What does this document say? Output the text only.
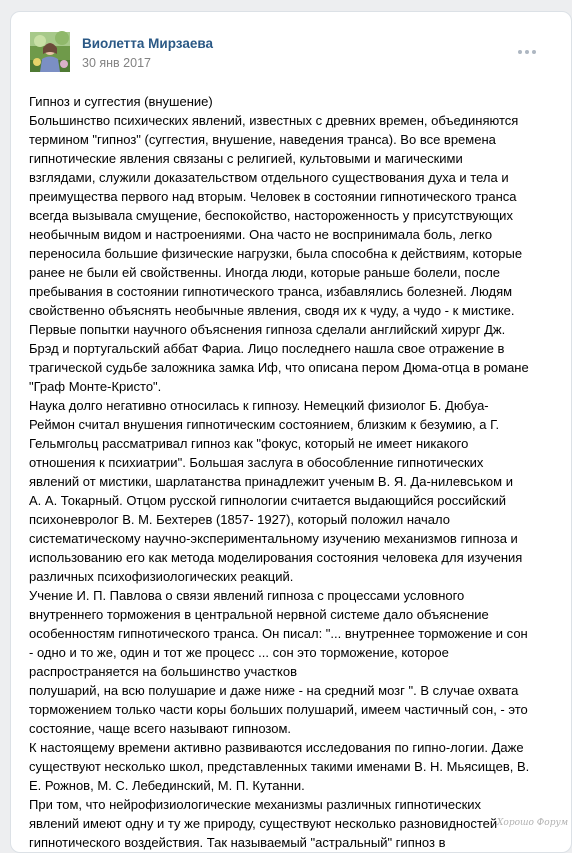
Виолетта Мирзаева
30 янв 2017
Гипноз и суггестия (внушение)
Большинство психических явлений, известных с древних времен, объединяются
термином "гипноз" (суггестия, внушение, наведения транса). Во все времена
гипнотические явления связаны с религией, культовыми и магическими
взглядами, служили доказательством отдельного существования духа и тела и
преимущества первого над вторым. Человек в состоянии гипнотического транса
всегда вызывала смущение, беспокойство, настороженность у присутствующих
необычным видом и настроениями. Она часто не воспринимала боль, легко
переносила большие физические нагрузки, была способна к действиям, которые
ранее не были ей свойственны. Иногда люди, которые раньше болели, после
пребывания в состоянии гипнотического транса, избавлялись болезней. Людям
свойственно объяснять необычные явления, сводя их к чуду, а чудо - к мистике.
Первые попытки научного объяснения гипноза сделали английский хирург Дж.
Брэд и португальский аббат Фариа. Лицо последнего нашла свое отражение в
трагической судьбе заложника замка Иф, что описана пером Дюма-отца в романе
"Граф Монте-Кристо".
Наука долго негативно относилась к гипнозу. Немецкий физиолог Б. Дюбуа-
Реймон считал внушения гипнотическим состоянием, близким к безумию, а Г.
Гельмгольц рассматривал гипноз как "фокус, который не имеет никакого
отношения к психиатрии". Большая заслуга в обособленние гипнотических
явлений от мистики, шарлатанства принадлежит ученым В. Я. Да-нилевськом и
А. А. Токарный. Отцом русской гипнологии считается выдающийся российский
психоневролог В. М. Бехтерев (1857- 1927), который положил начало
систематическому научно-экспериментальному изучению механизмов гипноза и
использованию его как метода моделирования состояния человека для изучения
различных психофизиологических реакций.
Учение И. П. Павлова о связи явлений гипноза с процессами условного
внутреннего торможения в центральной нервной системе дало объяснение
особенностям гипнотического транса. Он писал: "... внутреннее торможение и сон
- одно и то же, один и тот же процесс ... сон это торможение, которое
распространяется на большинство участков
полушарий, на всю полушарие и даже ниже - на средний мозг ". В случае охвата
торможением только части коры больших полушарий, имеем частичный сон, - это
состояние, чаще всего называют гипнозом.
К настоящему времени активно развиваются исследования по гипно-логии. Даже
существуют несколько школ, представленных такими именами В. Н. Мьясищев, В.
Е. Рожнов, М. С. Лебединский, М. П. Кутанни.
При том, что нейрофизиологические механизмы различных гипнотических
явлений имеют одну и ту же природу, существуют несколько разновидностей
гипнотического воздействия. Так называемый "астральный" гипноз в
Хорошо Форум
